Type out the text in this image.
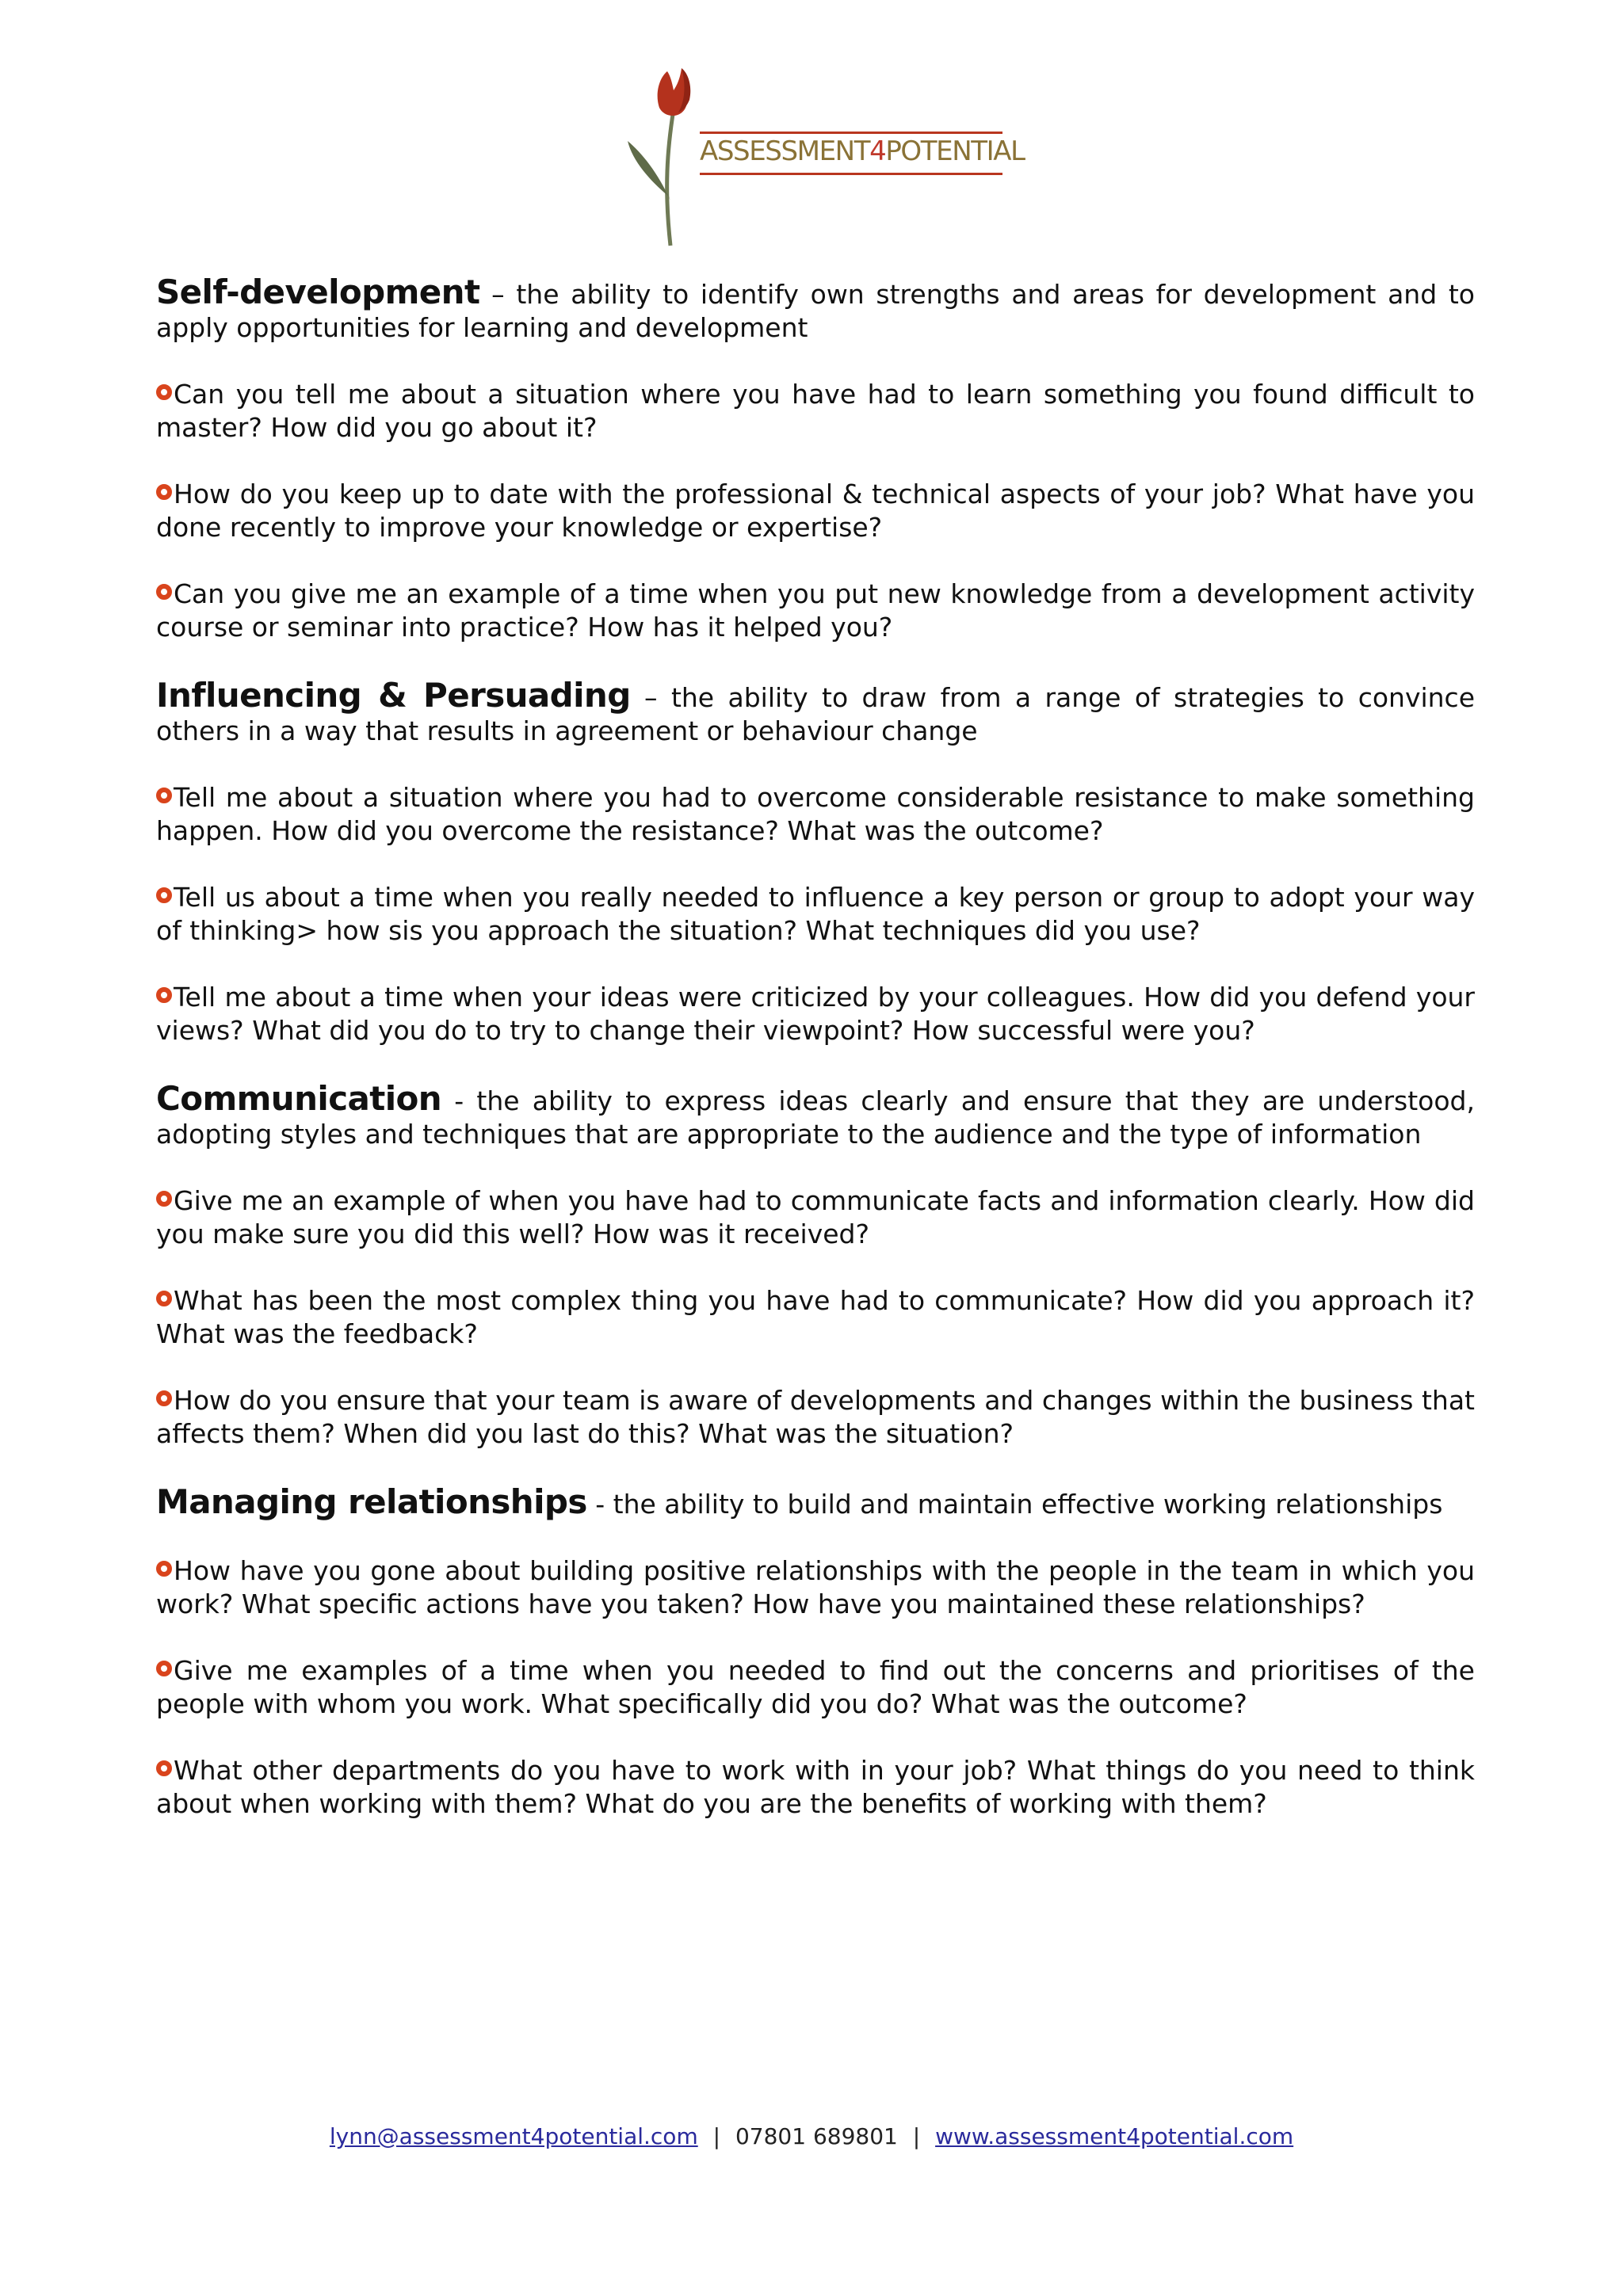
ASSESSMENT4POTENTIAL

Self-development – the ability to identify own strengths and areas for development and to apply opportunities for learning and development

Can you tell me about a situation where you have had to learn something you found difficult to master? How did you go about it?

How do you keep up to date with the professional & technical aspects of your job? What have you done recently to improve your knowledge or expertise?

Can you give me an example of a time when you put new knowledge from a development activity course or seminar into practice? How has it helped you?

Influencing & Persuading – the ability to draw from a range of strategies to convince others in a way that results in agreement or behaviour change

Tell me about a situation where you had to overcome considerable resistance to make something happen. How did you overcome the resistance? What was the outcome?

Tell us about a time when you really needed to influence a key person or group to adopt your way of thinking> how sis you approach the situation? What techniques did you use?

Tell me about a time when your ideas were criticized by your colleagues. How did you defend your views? What did you do to try to change their viewpoint? How successful were you?

Communication - the ability to express ideas clearly and ensure that they are understood, adopting styles and techniques that are appropriate to the audience and the type of information

Give me an example of when you have had to communicate facts and information clearly. How did you make sure you did this well? How was it received?

What has been the most complex thing you have had to communicate? How did you approach it? What was the feedback?

How do you ensure that your team is aware of developments and changes within the business that affects them? When did you last do this? What was the situation?

Managing relationships - the ability to build and maintain effective working relationships

How have you gone about building positive relationships with the people in the team in which you work? What specific actions have you taken? How have you maintained these relationships?

Give me examples of a time when you needed to find out the concerns and prioritises of the people with whom you work. What specifically did you do? What was the outcome?

What other departments do you have to work with in your job? What things do you need to think about when working with them? What do you are the benefits of working with them?

lynn@assessment4potential.com | 07801 689801 | www.assessment4potential.com
